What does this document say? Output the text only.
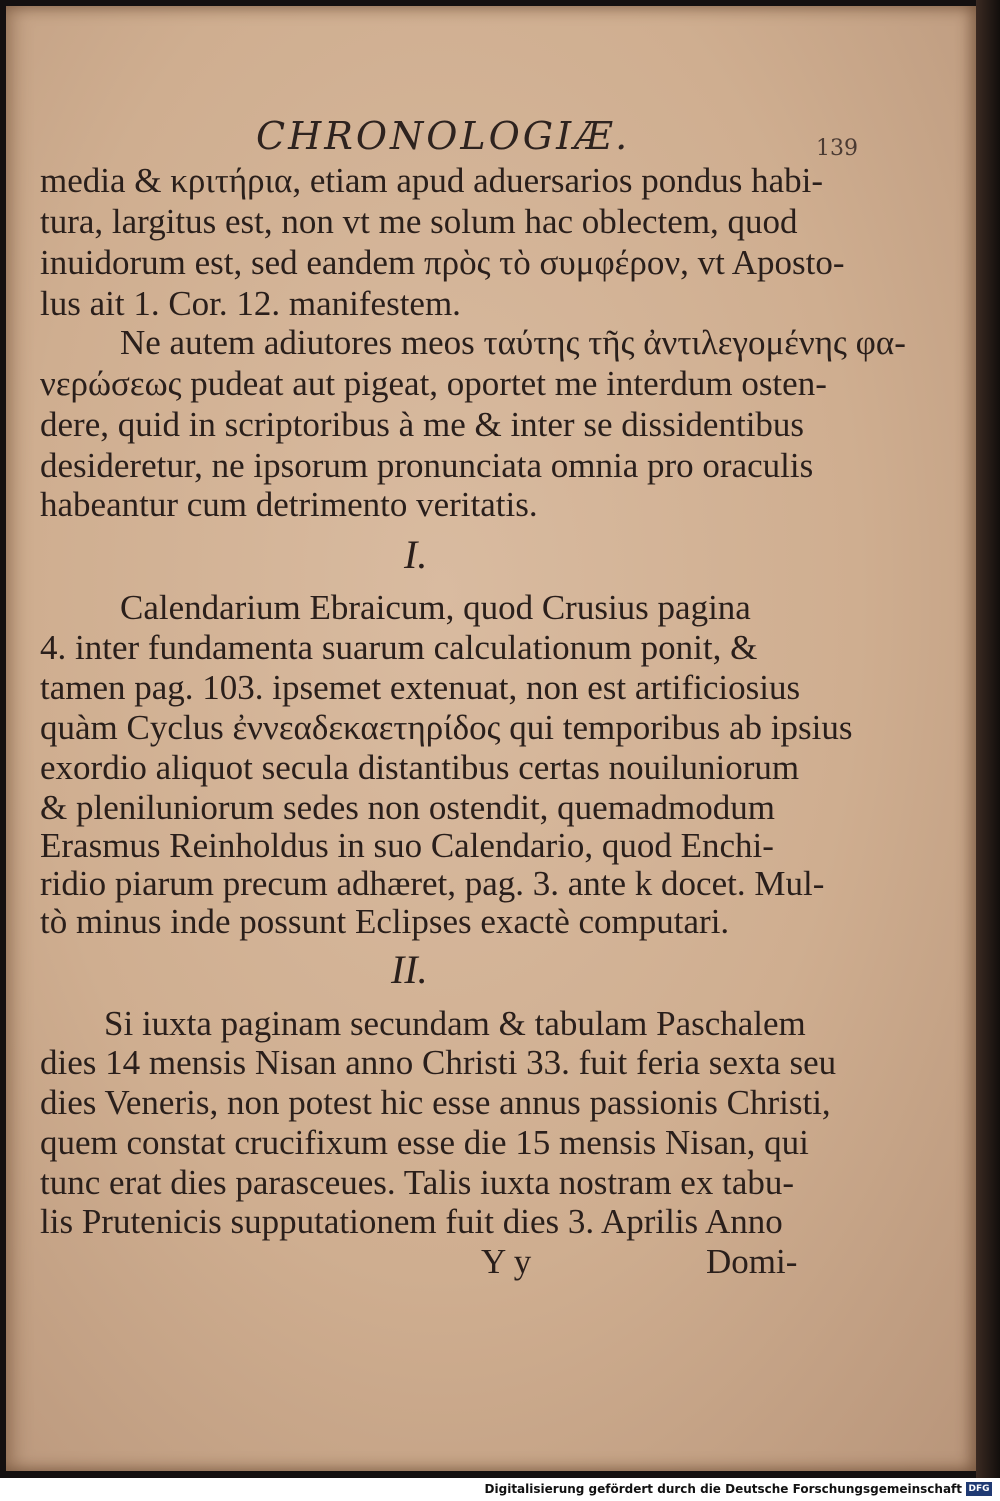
CHRONOLOGIÆ.	139
media & κριτήρια, etiam apud aduersarios pondus habi-
tura, largitus est, non vt me solum hac oblectem, quod
inuidorum est, sed eandem πρὸς τὸ συμφέρον, vt Aposto-
lus ait 1. Cor. 12. manifestem.
Ne autem adiutores meos ταύτης τῆς ἀντιλεγομένης φα-
νερώσεως pudeat aut pigeat, oportet me interdum osten-
dere, quid in scriptoribus à me & inter se dissidentibus
desideretur, ne ipsorum pronunciata omnia pro oraculis
habeantur cum detrimento veritatis.
I.
Calendarium Ebraicum, quod Crusius pagina
4. inter fundamenta suarum calculationum ponit, &
tamen pag. 103. ipsemet extenuat, non est artificiosius
quàm Cyclus ἐννεαδεκαετηρίδος qui temporibus ab ipsius
exordio aliquot secula distantibus certas nouiluniorum
& pleniluniorum sedes non ostendit, quemadmodum
Erasmus Reinholdus in suo Calendario, quod Enchi-
ridio piarum precum adhæret, pag. 3. ante k docet. Mul-
tò minus inde possunt Eclipses exactè computari.
II.
Si iuxta paginam secundam & tabulam Paschalem
dies 14 mensis Nisan anno Christi 33. fuit feria sexta seu
dies Veneris, non potest hic esse annus passionis Christi,
quem constat crucifixum esse die 15 mensis Nisan, qui
tunc erat dies parasceues. Talis iuxta nostram ex tabu-
lis Prutenicis supputationem fuit dies 3. Aprilis Anno
Y y	Domi-
Digitalisierung gefördert durch die Deutsche Forschungsgemeinschaft DFG
